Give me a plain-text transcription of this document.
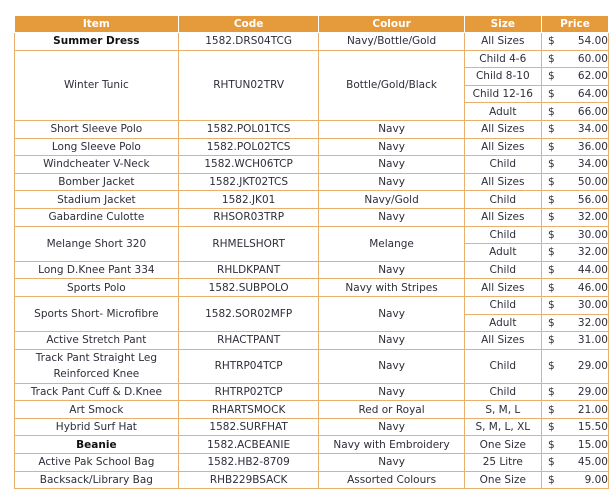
Item	Code	Colour	Size	Price
Summer Dress	1582.DRS04TCG	Navy/Bottle/Gold	All Sizes	$ 54.00
Winter Tunic	RHTUN02TRV	Bottle/Gold/Black	Child 4-6	$ 60.00
			Child 8-10	$ 62.00
			Child 12-16	$ 64.00
			Adult	$ 66.00
Short Sleeve Polo	1582.POL01TCS	Navy	All Sizes	$ 34.00
Long Sleeve Polo	1582.POL02TCS	Navy	All Sizes	$ 36.00
Windcheater V-Neck	1582.WCH06TCP	Navy	Child	$ 34.00
Bomber Jacket	1582.JKT02TCS	Navy	All Sizes	$ 50.00
Stadium Jacket	1582.JK01	Navy/Gold	Child	$ 56.00
Gabardine Culotte	RHSOR03TRP	Navy	All Sizes	$ 32.00
Melange Short 320	RHMELSHORT	Melange	Child	$ 30.00
			Adult	$ 32.00
Long D.Knee Pant 334	RHLDKPANT	Navy	Child	$ 44.00
Sports Polo	1582.SUBPOLO	Navy with Stripes	All Sizes	$ 46.00
Sports Short- Microfibre	1582.SOR02MFP	Navy	Child	$ 30.00
			Adult	$ 32.00
Active Stretch Pant	RHACTPANT	Navy	All Sizes	$ 31.00
Track Pant Straight Leg Reinforced Knee	RHTRP04TCP	Navy	Child	$ 29.00
Track Pant Cuff & D.Knee	RHTRP02TCP	Navy	Child	$ 29.00
Art Smock	RHARTSMOCK	Red or Royal	S, M, L	$ 21.00
Hybrid Surf Hat	1582.SURFHAT	Navy	S, M, L, XL	$ 15.50
Beanie	1582.ACBEANIE	Navy with Embroidery	One Size	$ 15.00
Active Pak School Bag	1582.HB2-8709	Navy	25 Litre	$ 45.00
Backsack/Library Bag	RHB229BSACK	Assorted Colours	One Size	$ 9.00
